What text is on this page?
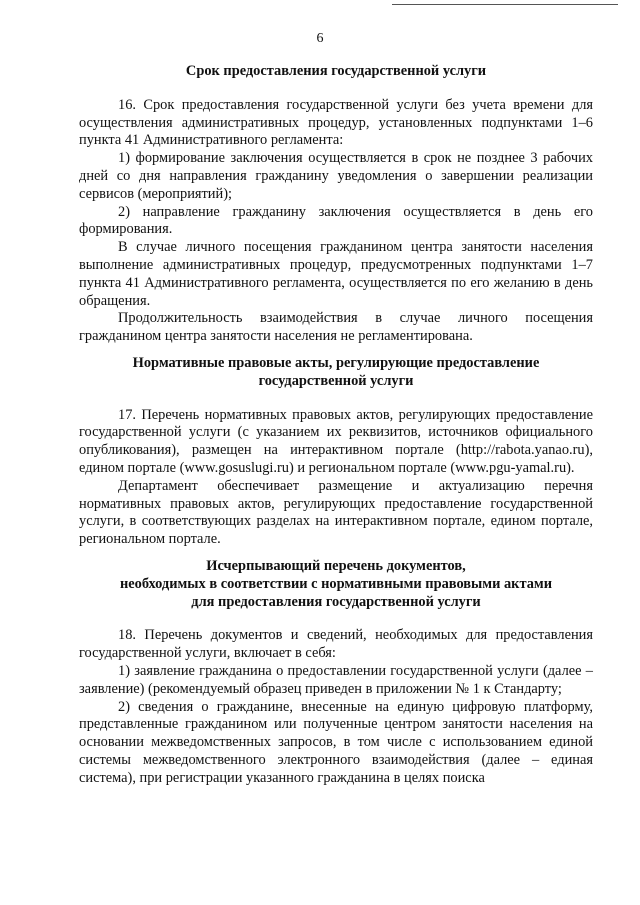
6

Срок предоставления государственной услуги

16. Срок предоставления государственной услуги без учета времени для осуществления административных процедур, установленных подпунктами 1–6 пункта 41 Административного регламента:

1) формирование заключения осуществляется в срок не позднее 3 рабочих дней со дня направления гражданину уведомления о завершении реализации сервисов (мероприятий);

2) направление гражданину заключения осуществляется в день его формирования.

В случае личного посещения гражданином центра занятости населения выполнение административных процедур, предусмотренных подпунктами 1–7 пункта 41 Административного регламента, осуществляется по его желанию в день обращения.

Продолжительность взаимодействия в случае личного посещения гражданином центра занятости населения не регламентирована.

Нормативные правовые акты, регулирующие предоставление
государственной услуги

17. Перечень нормативных правовых актов, регулирующих предоставление государственной услуги (с указанием их реквизитов, источников официального опубликования), размещен на интерактивном портале (http://rabota.yanao.ru), едином портале (www.gosuslugi.ru) и региональном портале (www.pgu-yamal.ru).

Департамент обеспечивает размещение и актуализацию перечня нормативных правовых актов, регулирующих предоставление государственной услуги, в соответствующих разделах на интерактивном портале, едином портале, региональном портале.

Исчерпывающий перечень документов,
необходимых в соответствии с нормативными правовыми актами
для предоставления государственной услуги

18. Перечень документов и сведений, необходимых для предоставления государственной услуги, включает в себя:

1) заявление гражданина о предоставлении государственной услуги (далее – заявление) (рекомендуемый образец приведен в приложении № 1 к Стандарту;

2) сведения о гражданине, внесенные на единую цифровую платформу, представленные гражданином или полученные центром занятости населения на основании межведомственных запросов, в том числе с использованием единой системы межведомственного электронного взаимодействия (далее – единая система), при регистрации указанного гражданина в целях поиска
